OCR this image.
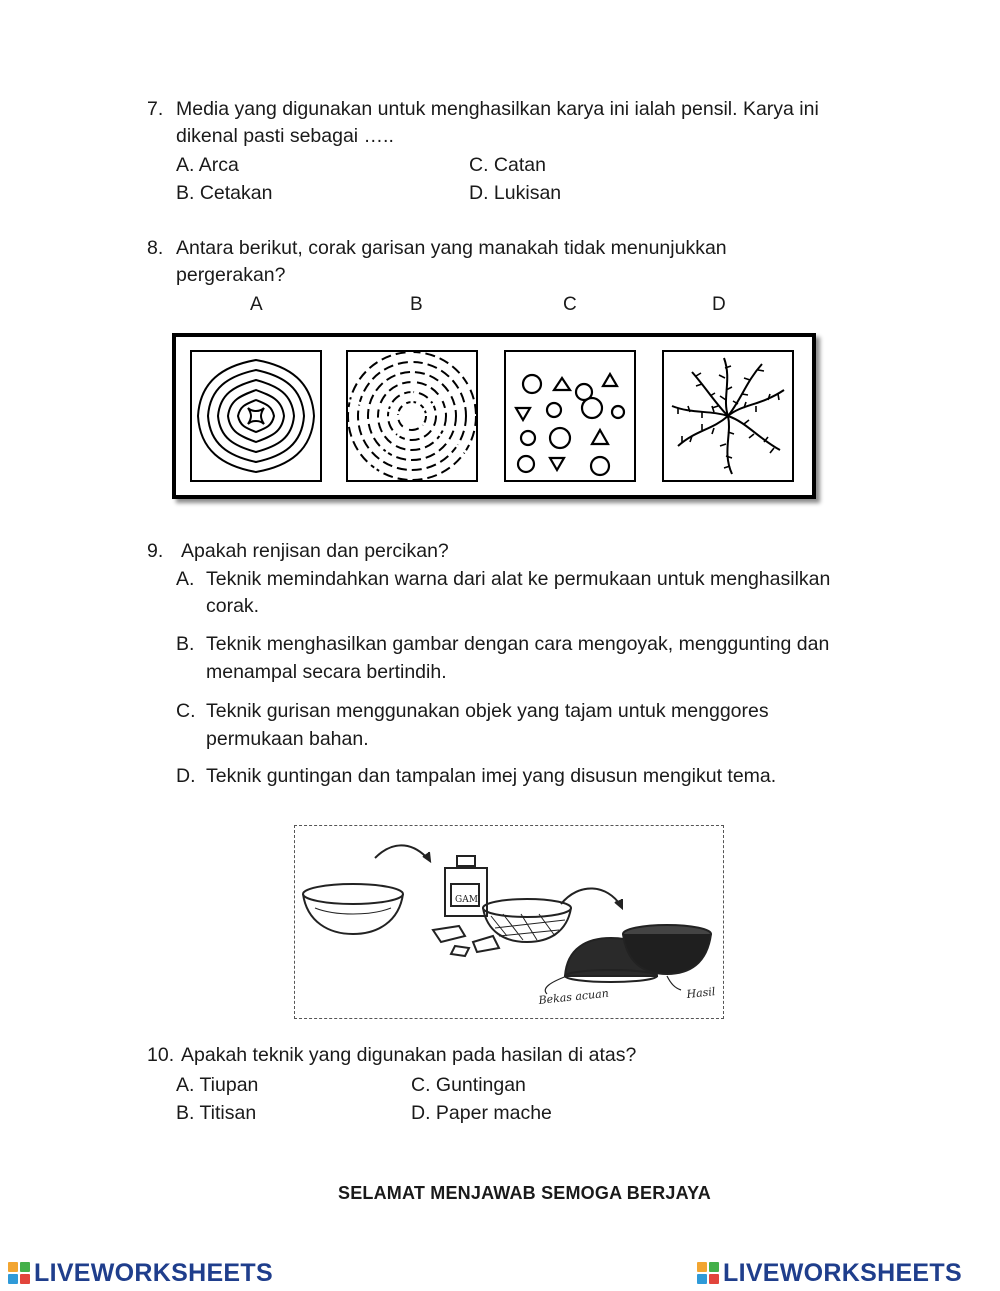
7. Media yang digunakan untuk menghasilkan karya ini ialah pensil. Karya ini
dikenal pasti sebagai …..
A. Arca
B. Cetakan
C. Catan
D. Lukisan
8. Antara berikut, corak garisan yang manakah tidak menunjukkan
pergerakan?
A	B	C	D
9. Apakah renjisan dan percikan?
A. Teknik memindahkan warna dari alat ke permukaan untuk menghasilkan
corak.
B. Teknik menghasilkan gambar dengan cara mengoyak, menggunting dan
menampal secara bertindih.
C. Teknik gurisan menggunakan objek yang tajam untuk menggores
permukaan bahan.
D. Teknik guntingan dan tampalan imej yang disusun mengikut tema.
GAM
Bekas acuan	Hasil
10. Apakah teknik yang digunakan pada hasilan di atas?
A. Tiupan
B. Titisan
C. Guntingan
D. Paper mache
SELAMAT MENJAWAB SEMOGA BERJAYA
LIVEWORKSHEETS	LIVEWORKSHEETS
